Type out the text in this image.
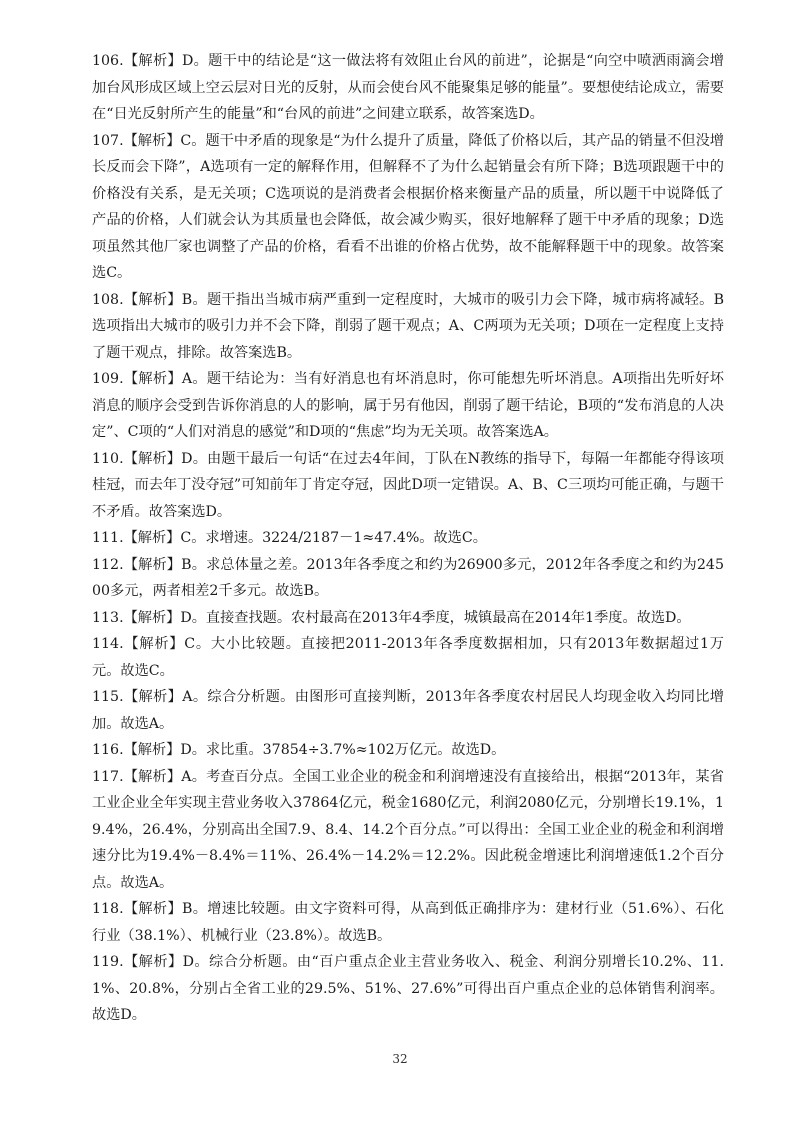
106.【解析】D。题干中的结论是“这一做法将有效阻止台风的前进”，论据是“向空中喷洒雨滴会增加台风形成区域上空云层对日光的反射，从而会使台风不能聚集足够的能量”。要想使结论成立，需要在“日光反射所产生的能量”和“台风的前进”之间建立联系，故答案选D。

107.【解析】C。题干中矛盾的现象是“为什么提升了质量，降低了价格以后，其产品的销量不但没增长反而会下降”，A选项有一定的解释作用，但解释不了为什么起销量会有所下降；B选项跟题干中的价格没有关系，是无关项；C选项说的是消费者会根据价格来衡量产品的质量，所以题干中说降低了产品的价格，人们就会认为其质量也会降低，故会减少购买，很好地解释了题干中矛盾的现象；D选项虽然其他厂家也调整了产品的价格，看看不出谁的价格占优势，故不能解释题干中的现象。故答案选C。

108.【解析】B。题干指出当城市病严重到一定程度时，大城市的吸引力会下降，城市病将减轻。B选项指出大城市的吸引力并不会下降，削弱了题干观点；A、C两项为无关项；D项在一定程度上支持了题干观点，排除。故答案选B。

109.【解析】A。题干结论为：当有好消息也有坏消息时，你可能想先听坏消息。A项指出先听好坏消息的顺序会受到告诉你消息的人的影响，属于另有他因，削弱了题干结论，B项的“发布消息的人决定”、C项的“人们对消息的感觉”和D项的“焦虑”均为无关项。故答案选A。

110.【解析】D。由题干最后一句话“在过去4年间，丁队在N教练的指导下，每隔一年都能夺得该项桂冠，而去年丁没夺冠”可知前年丁肯定夺冠，因此D项一定错误。A、B、C三项均可能正确，与题干不矛盾。故答案选D。

111.【解析】C。求增速。3224/2187－1≈47.4%。故选C。

112.【解析】B。求总体量之差。2013年各季度之和约为26900多元，2012年各季度之和约为24500多元，两者相差2千多元。故选B。

113.【解析】D。直接查找题。农村最高在2013年4季度，城镇最高在2014年1季度。故选D。

114.【解析】C。大小比较题。直接把2011-2013年各季度数据相加，只有2013年数据超过1万元。故选C。

115.【解析】A。综合分析题。由图形可直接判断，2013年各季度农村居民人均现金收入均同比增加。故选A。

116.【解析】D。求比重。37854÷3.7%≈102万亿元。故选D。

117.【解析】A。考查百分点。全国工业企业的税金和利润增速没有直接给出，根据“2013年，某省工业企业全年实现主营业务收入37864亿元，税金1680亿元，利润2080亿元，分别增长19.1%，19.4%，26.4%，分别高出全国7.9、8.4、14.2个百分点。”可以得出：全国工业企业的税金和利润增速分比为19.4%－8.4%＝11%、26.4%－14.2%＝12.2%。因此税金增速比利润增速低1.2个百分点。故选A。

118.【解析】B。增速比较题。由文字资料可得，从高到低正确排序为：建材行业（51.6%）、石化行业（38.1%）、机械行业（23.8%）。故选B。

119.【解析】D。综合分析题。由“百户重点企业主营业务收入、税金、利润分别增长10.2%、11.1%、20.8%，分别占全省工业的29.5%、51%、27.6%”可得出百户重点企业的总体销售利润率。故选D。

32
